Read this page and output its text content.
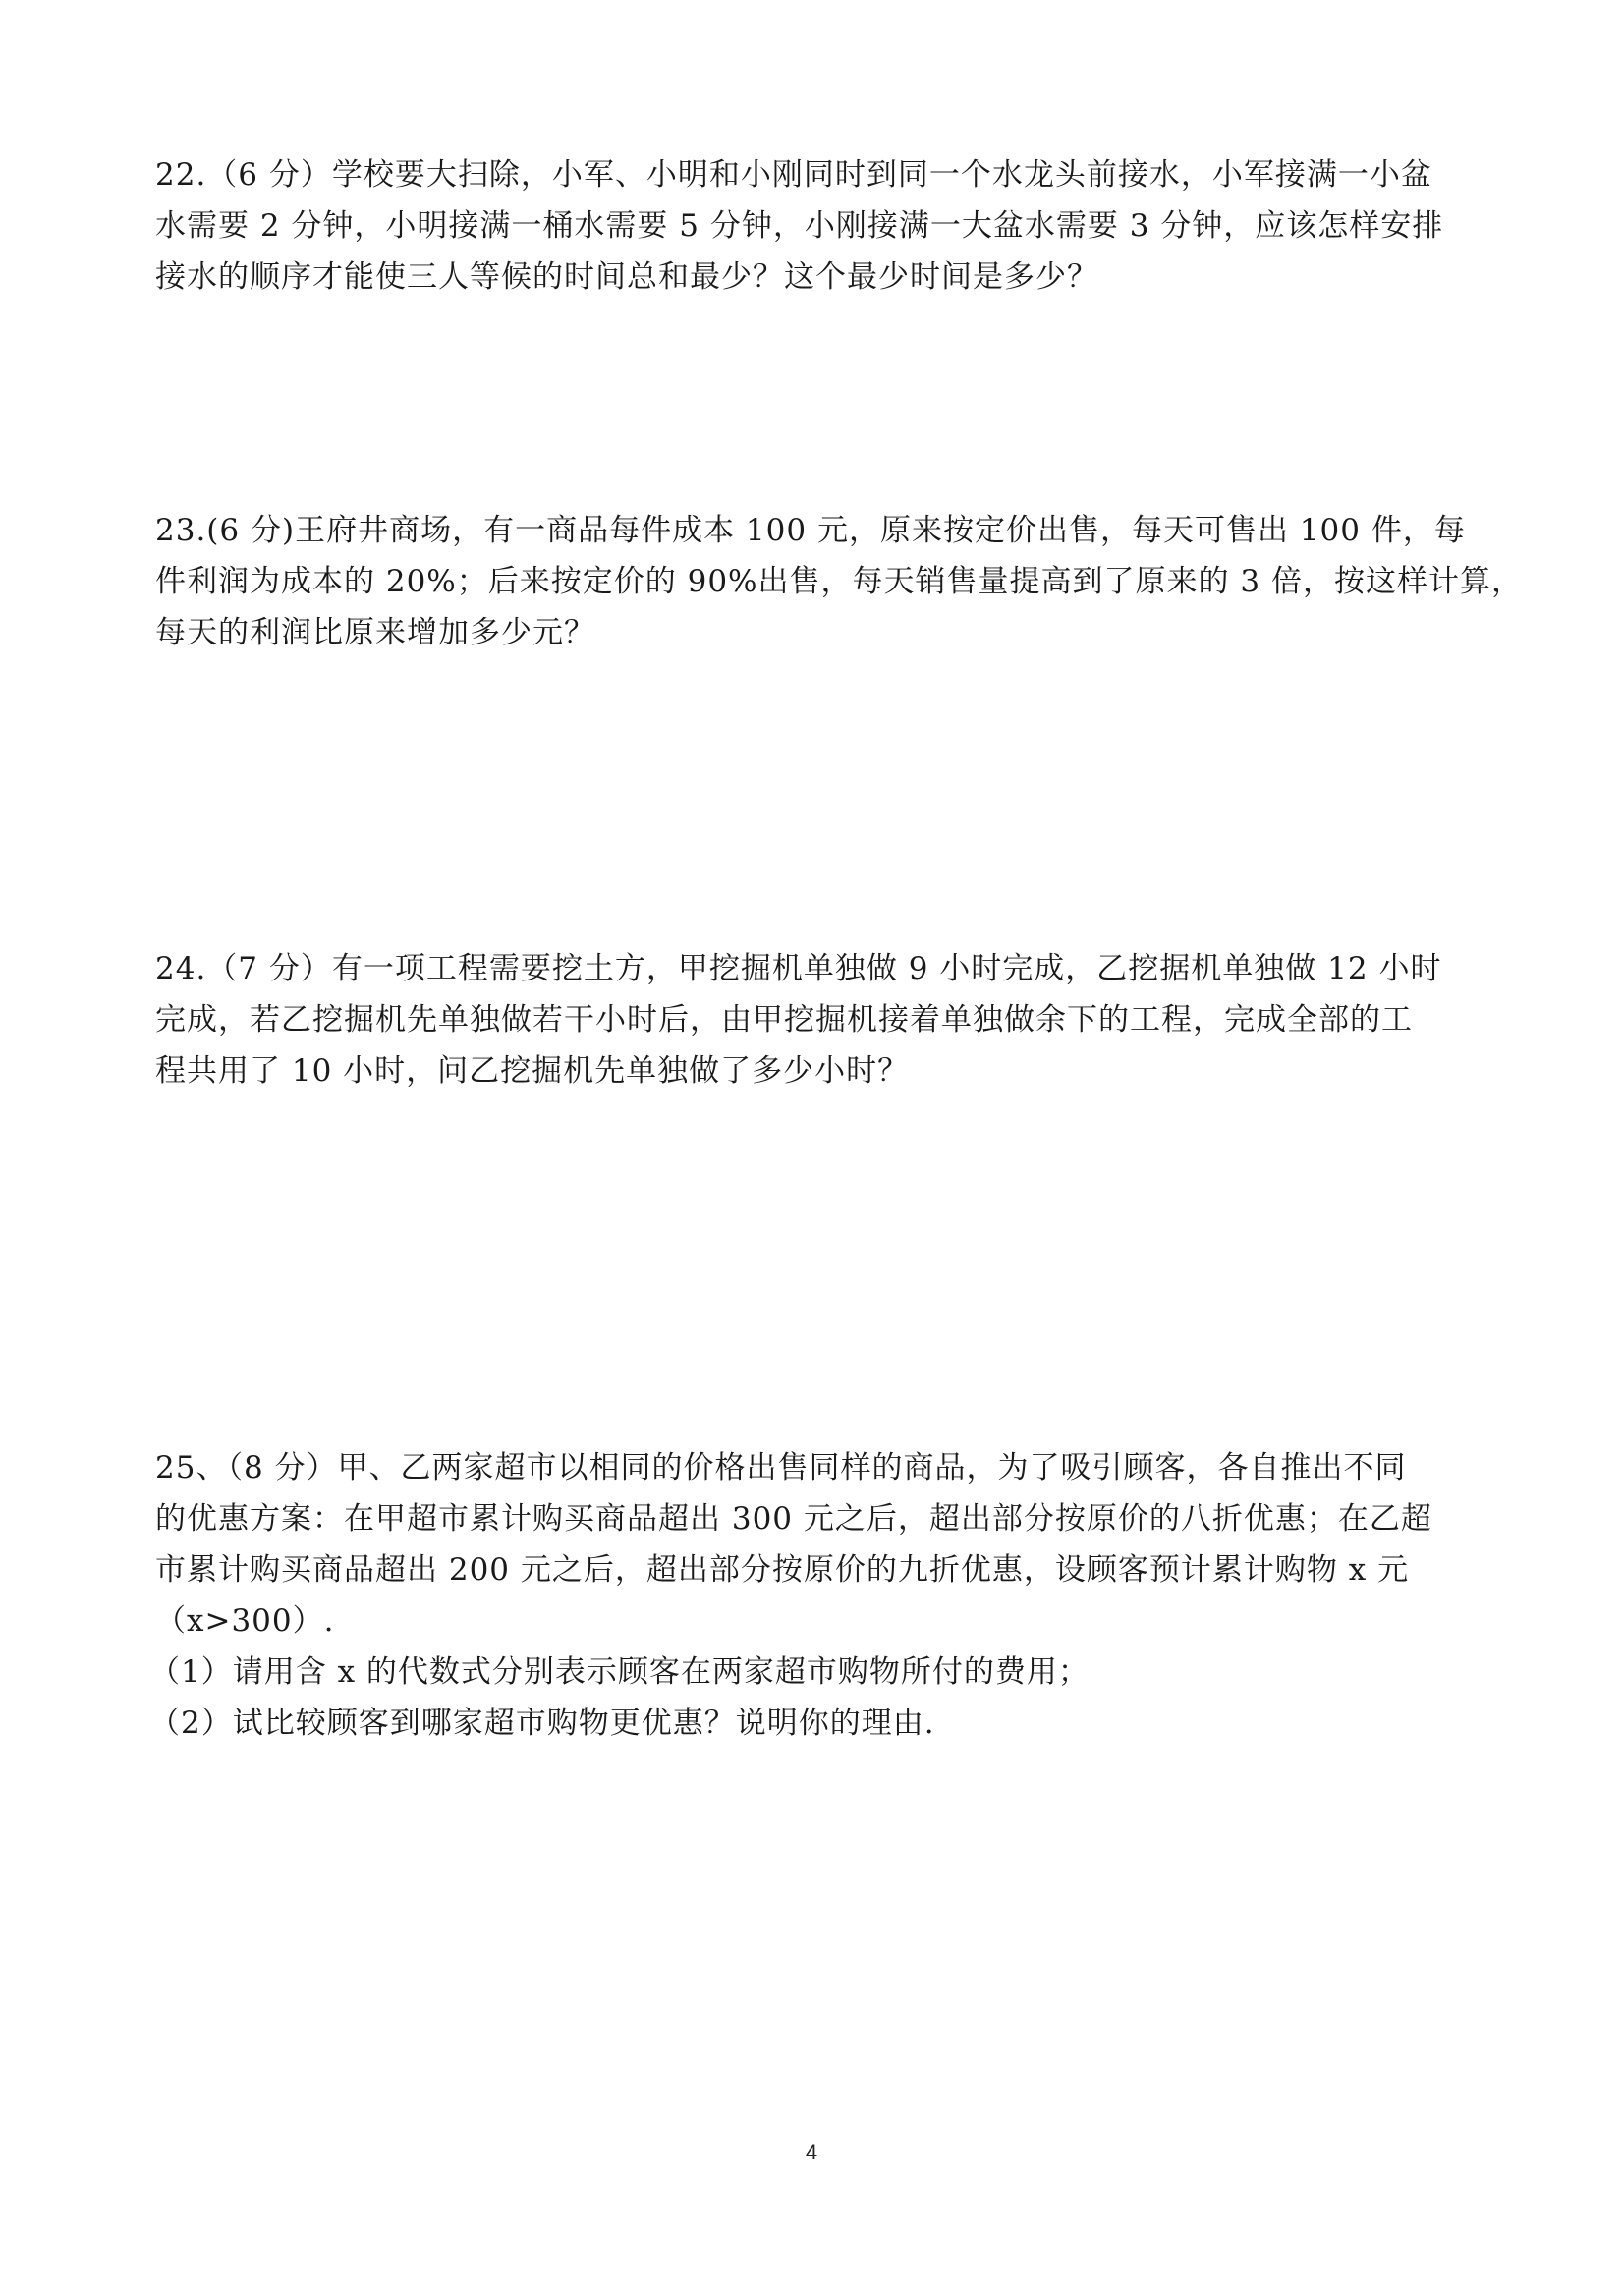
22.（6 分）学校要大扫除，小军、小明和小刚同时到同一个水龙头前接水，小军接满一小盆
水需要 2 分钟，小明接满一桶水需要 5 分钟，小刚接满一大盆水需要 3 分钟，应该怎样安排
接水的顺序才能使三人等候的时间总和最少？这个最少时间是多少？

23.(6 分)王府井商场，有一商品每件成本 100 元，原来按定价出售，每天可售出 100 件，每
件利润为成本的 20%；后来按定价的 90%出售，每天销售量提高到了原来的 3 倍，按这样计算，
每天的利润比原来增加多少元？

24.（7 分）有一项工程需要挖土方，甲挖掘机单独做 9 小时完成，乙挖据机单独做 12 小时
完成，若乙挖掘机先单独做若干小时后，由甲挖掘机接着单独做余下的工程，完成全部的工
程共用了 10 小时，问乙挖掘机先单独做了多少小时？

25、（8 分）甲、乙两家超市以相同的价格出售同样的商品，为了吸引顾客，各自推出不同
的优惠方案：在甲超市累计购买商品超出 300 元之后，超出部分按原价的八折优惠；在乙超
市累计购买商品超出 200 元之后，超出部分按原价的九折优惠，设顾客预计累计购物 x 元
（x>300）.
（1）请用含 x 的代数式分别表示顾客在两家超市购物所付的费用；
（2）试比较顾客到哪家超市购物更优惠？说明你的理由.

4
